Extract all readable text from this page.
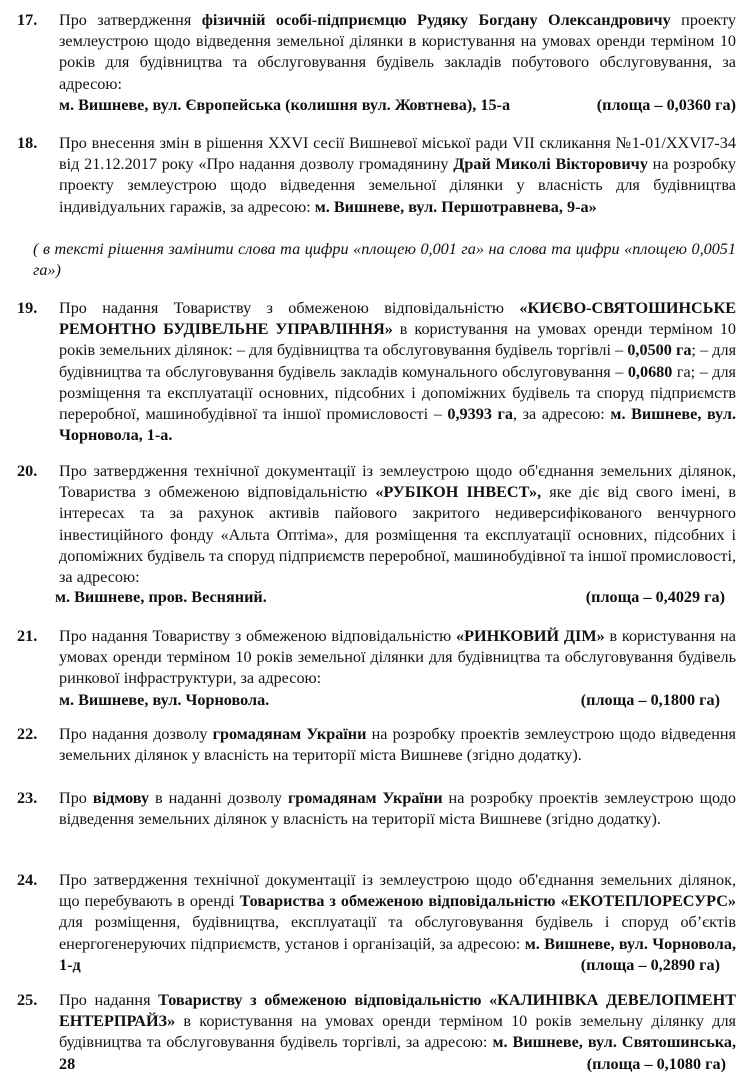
17. Про затвердження фізичній особі-підприємцю Рудяку Богдану Олександровичу проекту землеустрою щодо відведення земельної ділянки в користування на умовах оренди терміном 10 років для будівництва та обслуговування будівель закладів побутового обслуговування, за адресою:

м. Вишневе, вул. Європейська (колишня вул. Жовтнева), 15-а	(площа – 0,0360 га)
18. Про внесення змін в рішення XXVI сесії Вишневої міської ради VII скликання №1-01/XXVI7-34 від 21.12.2017 року «Про надання дозволу громадянину Драй Миколі Вікторовичу на розробку проекту землеустрою щодо відведення земельної ділянки у власність для будівництва індивідуальних гаражів, за адресою: м. Вишневе, вул. Першотравнева, 9-а»

( в тексті рішення замінити слова та цифри «площею 0,001 га» на слова та цифри «площею 0,0051 га»)
19. Про надання Товариству з обмеженою відповідальністю «КИЄВО-СВЯТОШИНСЬКЕ РЕМОНТНО БУДІВЕЛЬНЕ УПРАВЛІННЯ» в користування на умовах оренди терміном 10 років земельних ділянок: – для будівництва та обслуговування будівель торгівлі – 0,0500 га; – для будівництва та обслуговування будівель закладів комунального обслуговування – 0,0680 га; – для розміщення та експлуатації основних, підсобних і допоміжних будівель та споруд підприємств переробної, машинобудівної та іншої промисловості – 0,9393 га, за адресою: м. Вишневе, вул. Чорновола, 1-а.

20. Про затвердження технічної документації із землеустрою щодо об'єднання земельних ділянок, Товариства з обмеженою відповідальністю «РУБІКОН ІНВЕСТ», яке діє від свого імені, в інтересах та за рахунок активів пайового закритого недиверсифікованого венчурного інвестиційного фонду «Альта Оптіма», для розміщення та експлуатації основних, підсобних і допоміжних будівель та споруд підприємств переробної, машинобудівної та іншої промисловості, за адресою:

м. Вишневе, пров. Весняний.	(площа – 0,4029 га)
21. Про надання Товариству з обмеженою відповідальністю «РИНКОВИЙ ДІМ» в користування на умовах оренди терміном 10 років земельної ділянки для будівництва та обслуговування будівель ринкової інфраструктури, за адресою:

м. Вишневе, вул. Чорновола.	(площа – 0,1800 га)
22. Про надання дозволу громадянам України на розробку проектів землеустрою щодо відведення земельних ділянок у власність на території міста Вишневе (згідно додатку).

23. Про відмову в наданні дозволу громадянам України на розробку проектів землеустрою щодо відведення земельних ділянок у власність на території міста Вишневе (згідно додатку).

24. Про затвердження технічної документації із землеустрою щодо об'єднання земельних ділянок, що перебувають в оренді Товариства з обмеженою відповідальністю «ЕКОТЕПЛОРЕСУРС» для розміщення, будівництва, експлуатації та обслуговування будівель і споруд об’єктів енергогенеруючих підприємств, установ і організацій, за адресою: м. Вишневе, вул. Чорновола, 1-д	(площа – 0,2890 га)

25. Про надання Товариству з обмеженою відповідальністю «КАЛИНІВКА ДЕВЕЛОПМЕНТ ЕНТЕРПРАЙЗ» в користування на умовах оренди терміном 10 років земельну ділянку для будівництва та обслуговування будівель торгівлі, за адресою: м. Вишневе, вул. Святошинська, 28	(площа – 0,1080 га)
